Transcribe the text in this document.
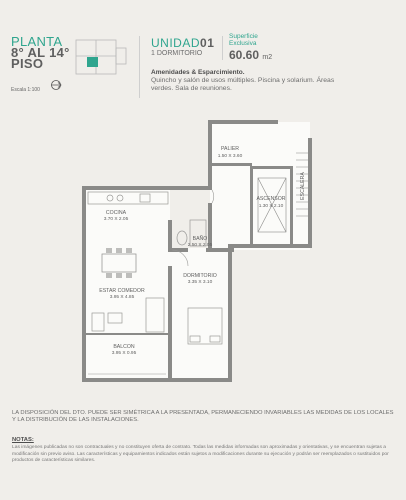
PLANTA
8° AL 14°
PISO
Escala 1:100
UNIDAD01
1 DORMITORIO
Superficie
Exclusiva
60.60 m2
Amenidades & Esparcimiento.
Quincho y salón de usos múltiples. Piscina y solarium. Áreas verdes. Sala de reuniones.
PALIER
1.50 X 3.60
ASCENSOR
1.30 X 2.10
ESCALERA
COCINA
3.70 X 2.05
BAÑO
2.50 X 2.05
ESTAR COMEDOR
3.95 X 4.85
DORMITORIO
3.35 X 3.10
BALCON
3.95 X 0.95
LA DISPOSICIÓN DEL DTO. PUEDE SER SIMÉTRICA A LA PRESENTADA, PERMANECIENDO INVARIABLES LAS MEDIDAS DE LOS LOCALES Y LA DISTRIBUCIÓN DE LAS INSTALACIONES.
NOTAS:
Las imágenes publicadas no son contractuales y no constituyen oferta de contrato. Todas las medidas informadas son aproximadas y orientativas, y se encuentran sujetas a modificación sin previo aviso. Las características y equipamientos indicados están sujetos a modificaciones durante su ejecución y podrán ser reemplazados o sustituidos por productos de características similares.
